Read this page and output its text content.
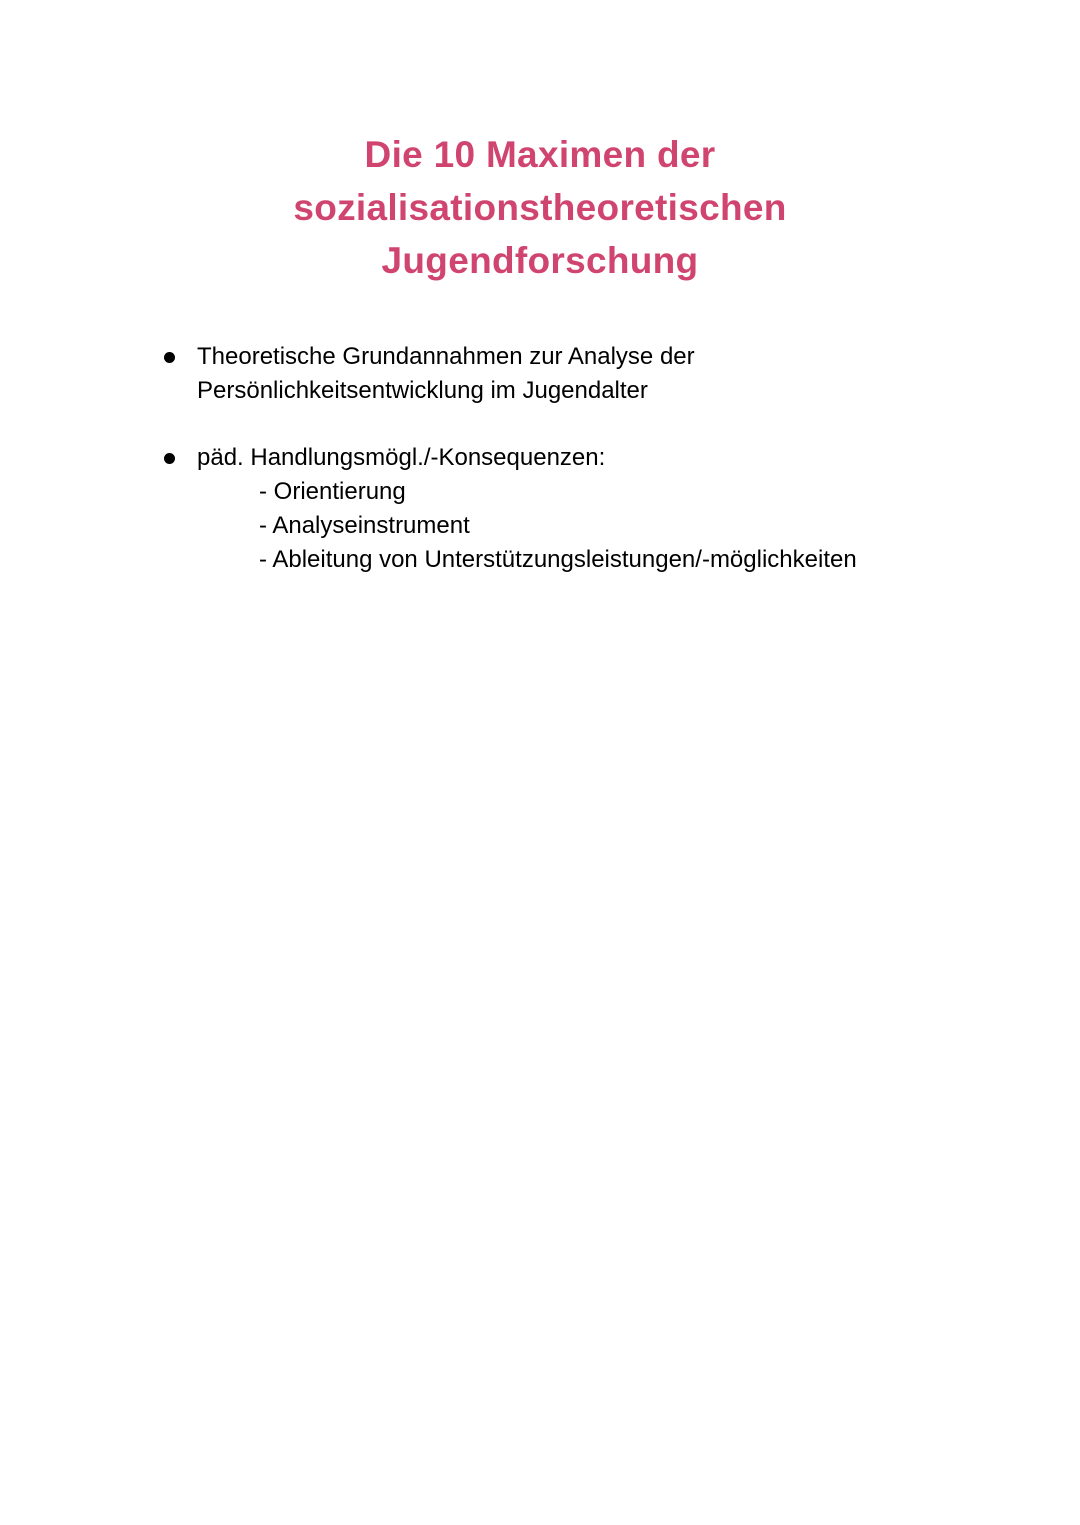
Die 10 Maximen der
sozialisationstheoretischen
Jugendforschung
Theoretische Grundannahmen zur Analyse der
Persönlichkeitsentwicklung im Jugendalter
päd. Handlungsmögl./-Konsequenzen:
- Orientierung
- Analyseinstrument
- Ableitung von Unterstützungsleistungen/-möglichkeiten
